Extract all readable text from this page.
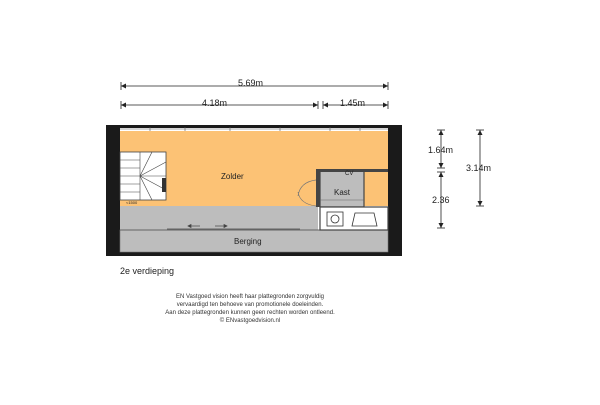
5.69m
4.18m	1.45m
1.64m
2.36
3.14m
Zolder
Kast
CV
Berging
<1500
2e verdieping
EN Vastgoed vision heeft haar plattegronden zorgvuldig
vervaardigd ten behoeve van promotionele doeleinden.
Aan deze plattegronden kunnen geen rechten worden ontleend.
© ENvastgoedvision.nl
